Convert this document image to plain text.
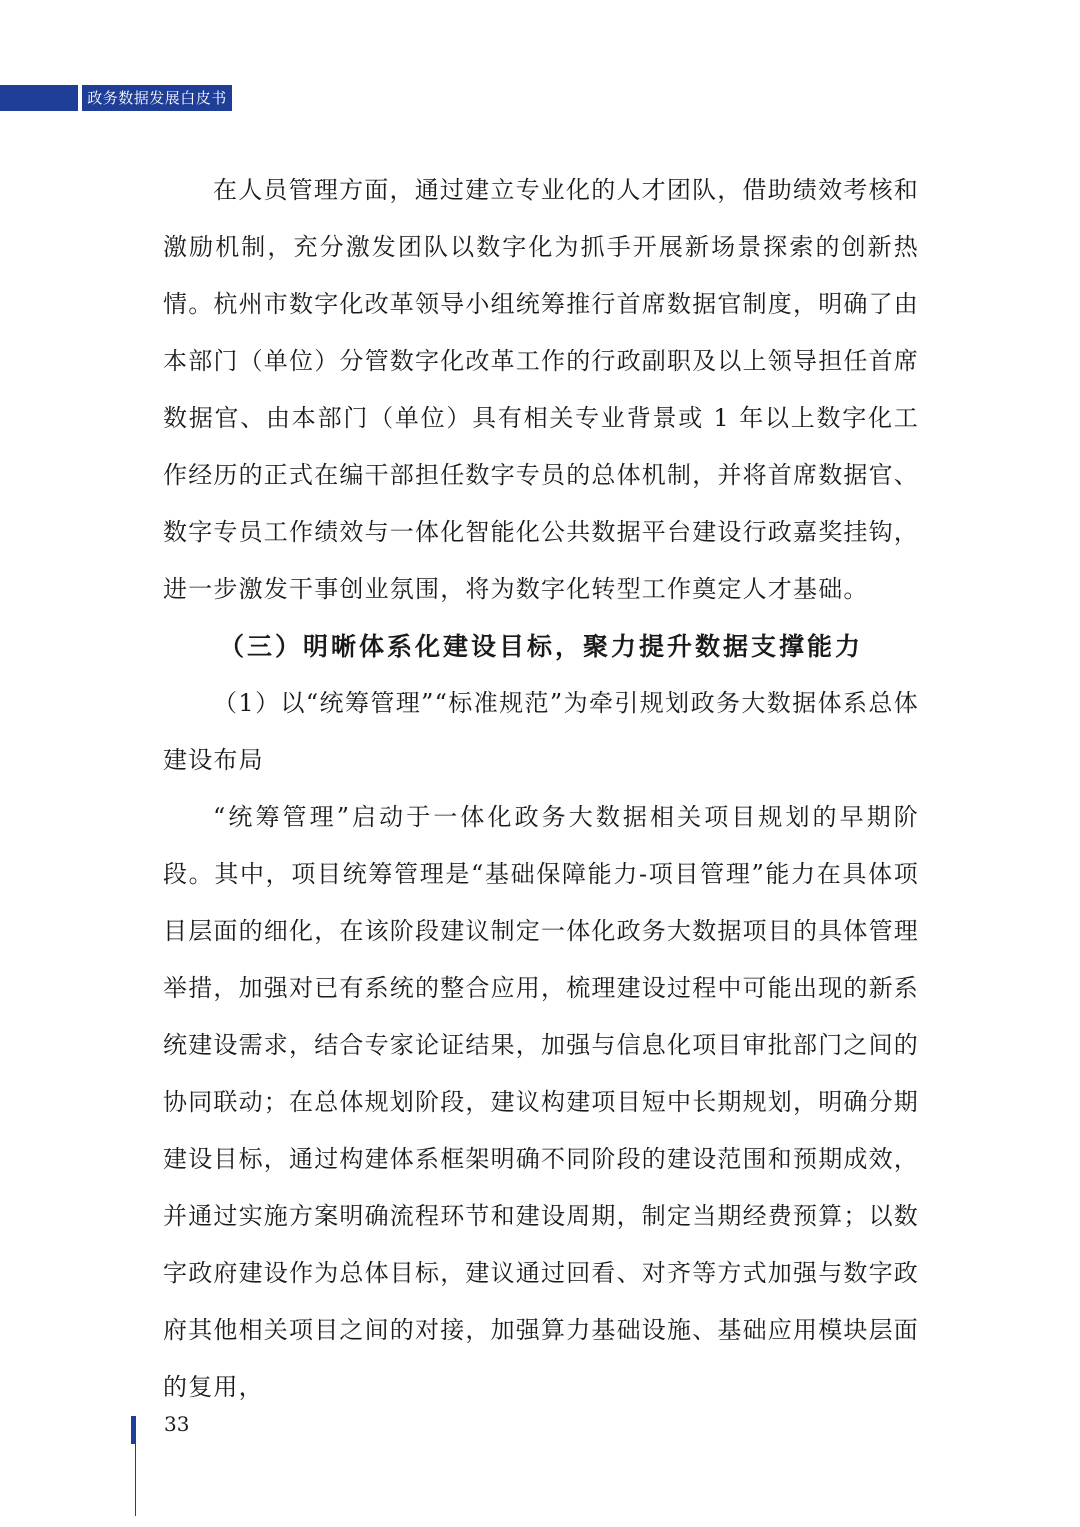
政务数据发展白皮书

在人员管理方面，通过建立专业化的人才团队，借助绩效考核和激励机制，充分激发团队以数字化为抓手开展新场景探索的创新热情。杭州市数字化改革领导小组统筹推行首席数据官制度，明确了由本部门（单位）分管数字化改革工作的行政副职及以上领导担任首席数据官、由本部门（单位）具有相关专业背景或 1 年以上数字化工作经历的正式在编干部担任数字专员的总体机制，并将首席数据官、数字专员工作绩效与一体化智能化公共数据平台建设行政嘉奖挂钩，进一步激发干事创业氛围，将为数字化转型工作奠定人才基础。

（三）明晰体系化建设目标，聚力提升数据支撑能力

（1）以“统筹管理”“标准规范”为牵引规划政务大数据体系总体建设布局

“统筹管理”启动于一体化政务大数据相关项目规划的早期阶段。其中，项目统筹管理是“基础保障能力-项目管理”能力在具体项目层面的细化，在该阶段建议制定一体化政务大数据项目的具体管理举措，加强对已有系统的整合应用，梳理建设过程中可能出现的新系统建设需求，结合专家论证结果，加强与信息化项目审批部门之间的协同联动；在总体规划阶段，建议构建项目短中长期规划，明确分期建设目标，通过构建体系框架明确不同阶段的建设范围和预期成效，并通过实施方案明确流程环节和建设周期，制定当期经费预算；以数字政府建设作为总体目标，建议通过回看、对齐等方式加强与数字政府其他相关项目之间的对接，加强算力基础设施、基础应用模块层面的复用，

33
